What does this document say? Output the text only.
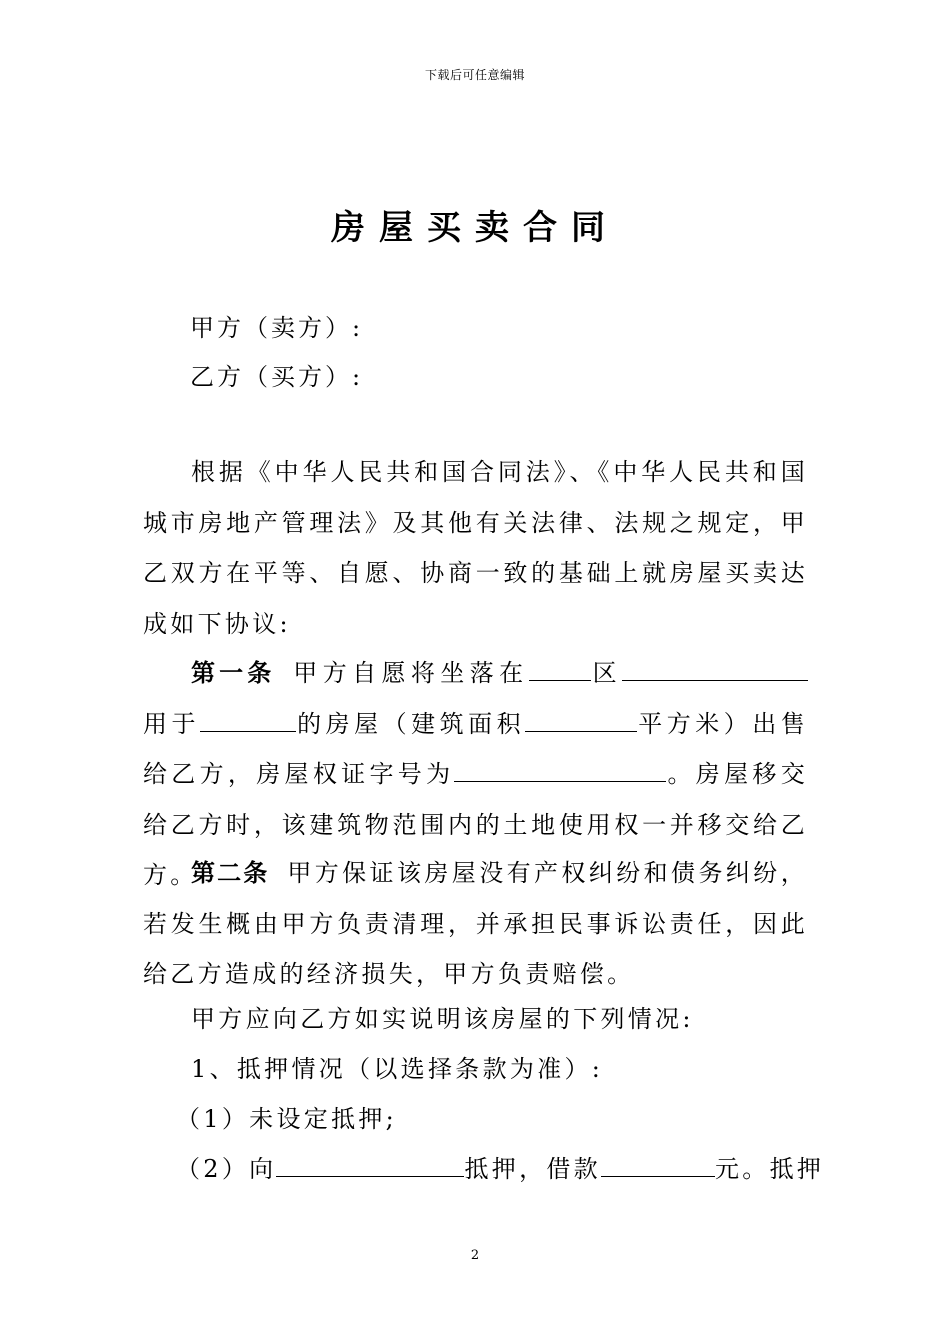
下载后可任意编辑
房屋买卖合同
甲方（卖方）:
乙方（买方）:
根据《中华人民共和国合同法》、《中华人民共和国城市房地产管理法》及其他有关法律、法规之规定，甲乙双方在平等、自愿、协商一致的基础上就房屋买卖达成如下协议:
第一条 甲方自愿将坐落在	区用于	的房屋（建筑面积	平方米）出售给乙方，房屋权证字号为	。房屋移交给乙方时，该建筑物范围内的土地使用权一并移交给乙方。
第二条 甲方保证该房屋没有产权纠纷和债务纠纷，若发生概由甲方负责清理，并承担民事诉讼责任，因此给乙方造成的经济损失，甲方负责赔偿。
甲方应向乙方如实说明该房屋的下列情况:
1、抵押情况（以选择条款为准）:
（1）未设定抵押;
（2）向	抵押，借款	元。抵押
2
